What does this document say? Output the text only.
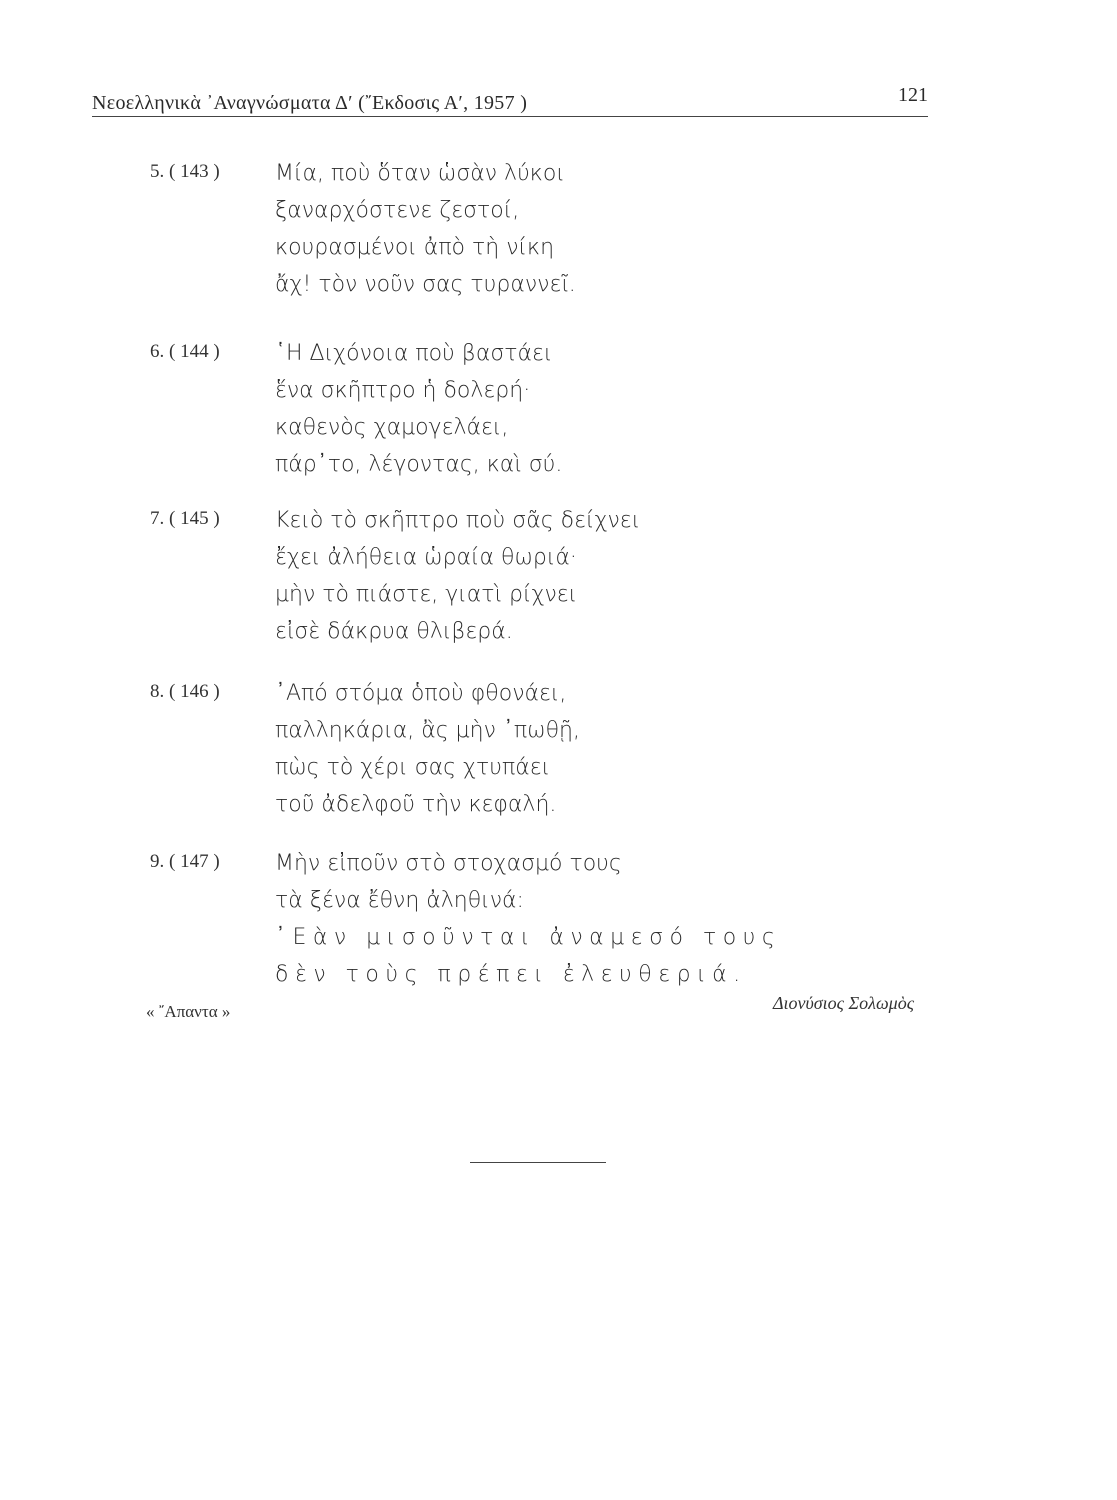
Νεοελληνικὰ ᾿Αναγνώσματα Δ′ (῎Εκδοσις Α′, 1957 )	121
5. ( 143 )	Μία, ποὺ ὅταν ὡσὰν λύκοι
ξαναρχόστενε ζεστοί,
κουρασμένοι ἀπὸ τὴ νίκη
ἄχ! τὸν νοῦν σας τυραννεῖ.
6. ( 144 )	῾Η Διχόνοια ποὺ βαστάει
ἕνα σκῆπτρο ἡ δολερή·
καθενὸς χαμογελάει,
πάρ᾿το, λέγοντας, καὶ σύ.
7. ( 145 )	Κειὸ τὸ σκῆπτρο ποὺ σᾶς δείχνει
ἔχει ἀλήθεια ὡραία θωριά·
μὴν τὸ πιάστε, γιατὶ ρίχνει
εἰσὲ δάκρυα θλιβερά.
8. ( 146 )	᾿Από στόμα ὁποὺ φθονάει,
παλληκάρια, ἂς μὴν ᾿πωθῇ,
πὼς τὸ χέρι σας χτυπάει
τοῦ ἀδελφοῦ τὴν κεφαλή.
9. ( 147 )	Μὴν εἰποῦν στὸ στοχασμό τους
τὰ ξένα ἔθνη ἀληθινά:
᾿Εὰν μισοῦνται ἀναμεσό τους
δὲν τοὺς πρέπει ἐλευθεριά.
« ῎Απαντα »	Διονύσιος Σολωμὸς
